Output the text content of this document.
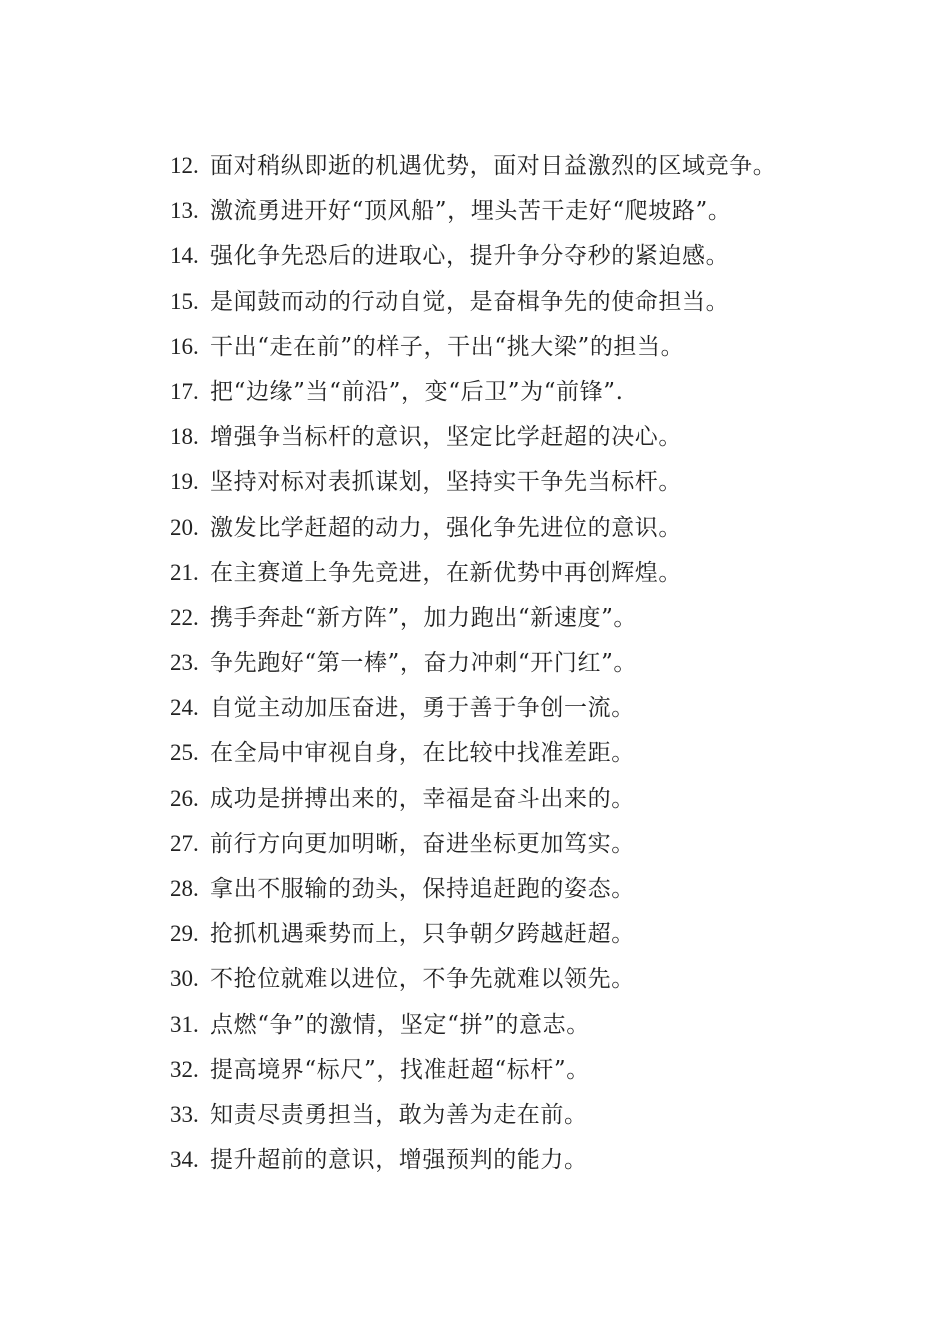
12. 面对稍纵即逝的机遇优势，面对日益激烈的区域竞争。
13. 激流勇进开好“顶风船”，埋头苦干走好“爬坡路”。
14. 强化争先恐后的进取心，提升争分夺秒的紧迫感。
15. 是闻鼓而动的行动自觉，是奋楫争先的使命担当。
16. 干出“走在前”的样子，干出“挑大梁”的担当。
17. 把“边缘”当“前沿”，变“后卫”为“前锋”.
18. 增强争当标杆的意识，坚定比学赶超的决心。
19. 坚持对标对表抓谋划，坚持实干争先当标杆。
20. 激发比学赶超的动力，强化争先进位的意识。
21. 在主赛道上争先竞进，在新优势中再创辉煌。
22. 携手奔赴“新方阵”，加力跑出“新速度”。
23. 争先跑好“第一棒”，奋力冲刺“开门红”。
24. 自觉主动加压奋进，勇于善于争创一流。
25. 在全局中审视自身，在比较中找准差距。
26. 成功是拼搏出来的，幸福是奋斗出来的。
27. 前行方向更加明晰，奋进坐标更加笃实。
28. 拿出不服输的劲头，保持追赶跑的姿态。
29. 抢抓机遇乘势而上，只争朝夕跨越赶超。
30. 不抢位就难以进位，不争先就难以领先。
31. 点燃“争”的激情，坚定“拼”的意志。
32. 提高境界“标尺”，找准赶超“标杆”。
33. 知责尽责勇担当，敢为善为走在前。
34. 提升超前的意识，增强预判的能力。
